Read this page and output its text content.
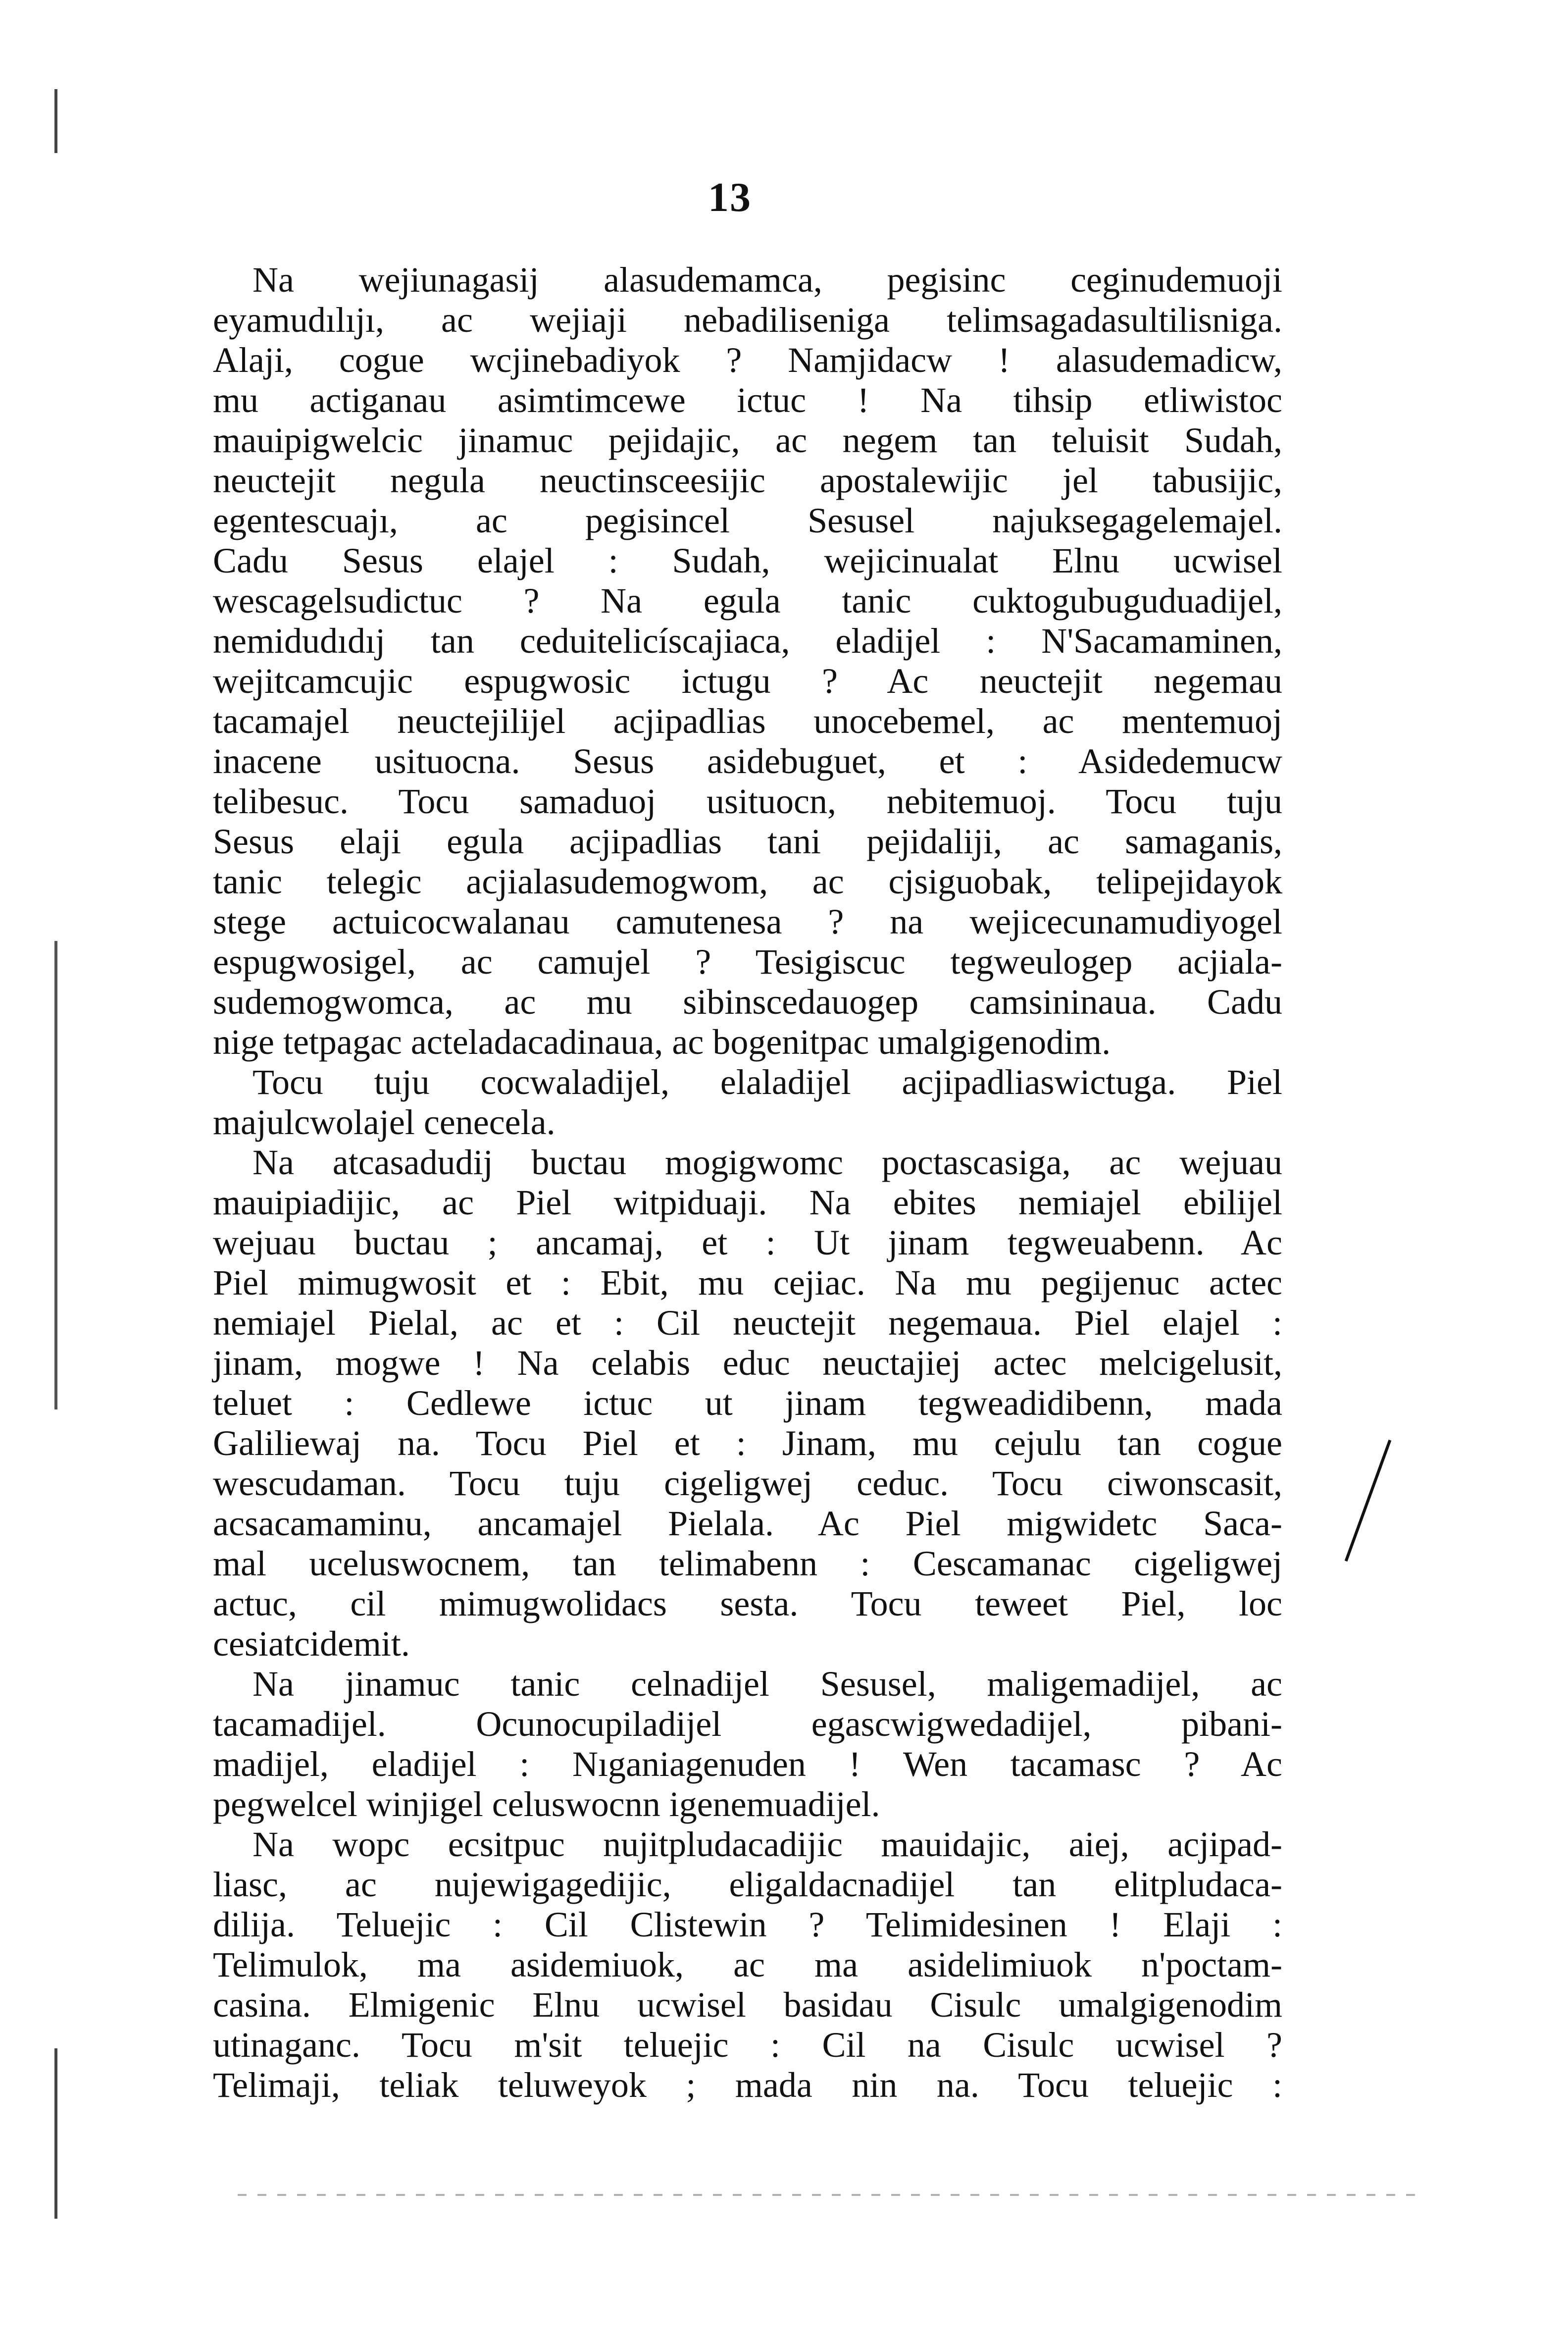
13
Na wejiunagasij alasudemamca, pegisinc ceginudemuoji
eyamudılıjı, ac wejiaji nebadiliseniga telimsagadasultilisniga.
Alaji, cogue wcjinebadiyok ? Namjidacw ! alasudemadicw,
mu actiganau asimtimcewe ictuc ! Na tihsip etliwistoc
mauipigwelcic jinamuc pejidajic, ac negem tan teluisit Sudah,
neuctejit negula neuctinsceesijic apostalewijic jel tabusijic,
egentescuajı, ac pegisincel Sesusel najuksegagelemajel.
Cadu Sesus elajel : Sudah, wejicinualat Elnu ucwisel
wescagelsudictuc ? Na egula tanic cuktogubuguduadijel,
nemidudıdıj tan ceduitelicíscajiaca, eladijel : N'Sacamaminen,
wejitcamcujic espugwosic ictugu ? Ac neuctejit negemau
tacamajel neuctejilijel acjipadlias unocebemel, ac mentemuoj
inacene usituocna. Sesus asidebuguet, et : Asidedemucw
telibesuc. Tocu samaduoj usituocn, nebitemuoj. Tocu tuju
Sesus elaji egula acjipadlias tani pejidaliji, ac samaganis,
tanic telegic acjialasudemogwom, ac cjsiguobak, telipejidayok
stege actuicocwalanau camutenesa ? na wejicecunamudiyogel
espugwosigel, ac camujel ? Tesigiscuc tegweulogep acjiala-
sudemogwomca, ac mu sibinscedauogep camsininaua. Cadu
nige tetpagac acteladacadinaua, ac bogenitpac umalgigenodim.
Tocu tuju cocwaladijel, elaladijel acjipadliaswictuga. Piel
majulcwolajel cenecela.
Na atcasadudij buctau mogigwomc poctascasiga, ac wejuau
mauipiadijic, ac Piel witpiduaji. Na ebites nemiajel ebilijel
wejuau buctau ; ancamaj, et : Ut jinam tegweuabenn. Ac
Piel mimugwosit et : Ebit, mu cejiac. Na mu pegijenuc actec
nemiajel Pielal, ac et : Cil neuctejit negemaua. Piel elajel :
jinam, mogwe ! Na celabis educ neuctajiej actec melcigelusit,
teluet : Cedlewe ictuc ut jinam tegweadidibenn, mada
Galiliewaj na. Tocu Piel et : Jinam, mu cejulu tan cogue
wescudaman. Tocu tuju cigeligwej ceduc. Tocu ciwonscasit,
acsacamaminu, ancamajel Pielala. Ac Piel migwidetc Saca-
mal uceluswocnem, tan telimabenn : Cescamanac cigeligwej
actuc, cil mimugwolidacs sesta. Tocu teweet Piel, loc
cesiatcidemit.
Na jinamuc tanic celnadijel Sesusel, maligemadijel, ac
tacamadijel. Ocunocupiladijel egascwigwedadijel, pibani-
madijel, eladijel : Nıganiagenuden ! Wen tacamasc ? Ac
pegwelcel winjigel celuswocnn igenemuadijel.
Na wopc ecsitpuc nujitpludacadijic mauidajic, aiej, acjipad-
liasc, ac nujewigagedijic, eligaldacnadijel tan elitpludaca-
dilija. Teluejic : Cil Clistewin ? Telimidesinen ! Elaji :
Telimulok, ma asidemiuok, ac ma asidelimiuok n'poctam-
casina. Elmigenic Elnu ucwisel basidau Cisulc umalgigenodim
utinaganc. Tocu m'sit teluejic : Cil na Cisulc ucwisel ?
Telimaji, teliak teluweyok ; mada nin na. Tocu teluejic :
